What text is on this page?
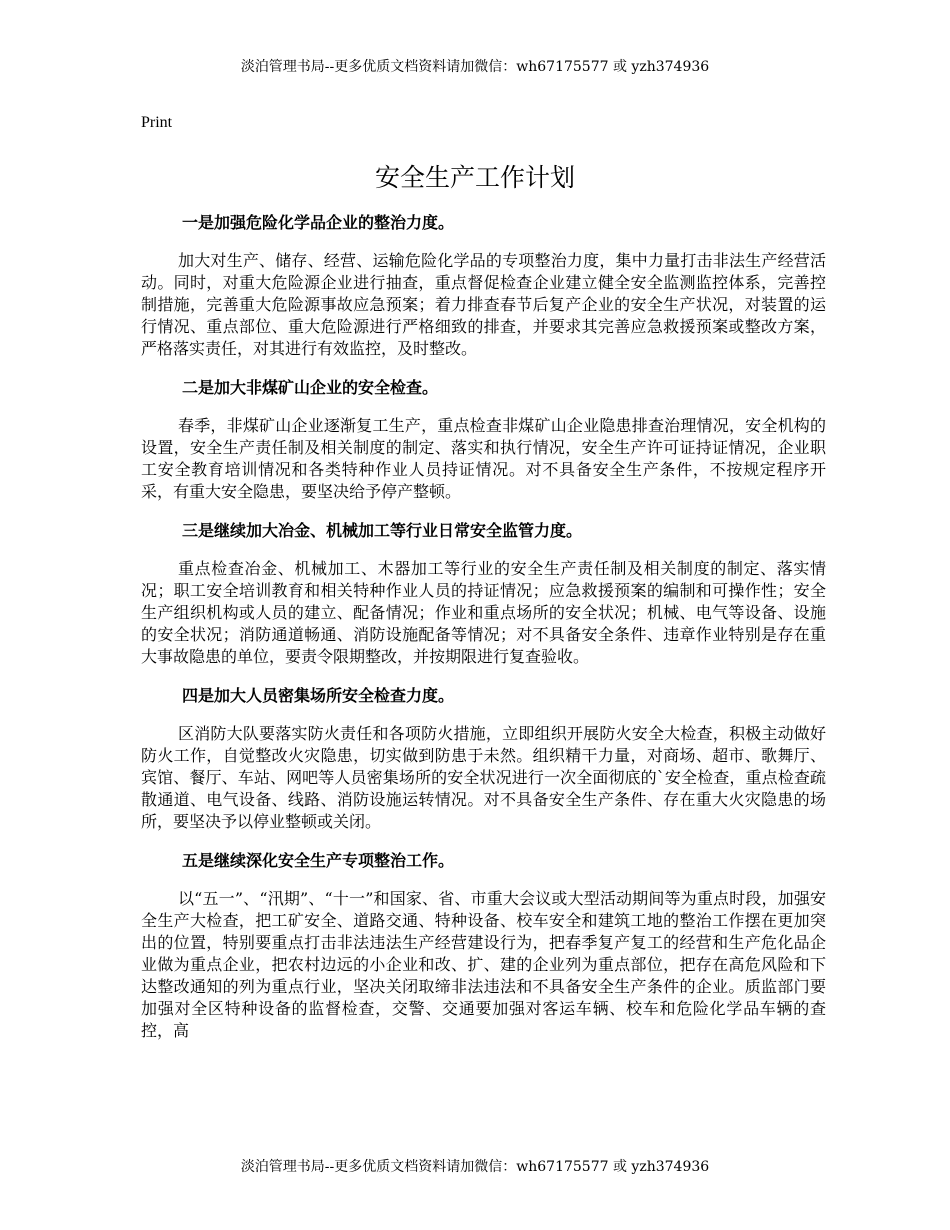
淡泊管理书局--更多优质文档资料请加微信：wh67175577 或 yzh374936
Print
安全生产工作计划
一是加强危险化学品企业的整治力度。

加大对生产、储存、经营、运输危险化学品的专项整治力度，集中力量打击非法生产经营活动。同时，对重大危险源企业进行抽查，重点督促检查企业建立健全安全监测监控体系，完善控制措施，完善重大危险源事故应急预案；着力排查春节后复产企业的安全生产状况，对装置的运行情况、重点部位、重大危险源进行严格细致的排查，并要求其完善应急救援预案或整改方案，严格落实责任，对其进行有效监控，及时整改。

二是加大非煤矿山企业的安全检查。

春季，非煤矿山企业逐渐复工生产，重点检查非煤矿山企业隐患排查治理情况，安全机构的设置，安全生产责任制及相关制度的制定、落实和执行情况，安全生产许可证持证情况，企业职工安全教育培训情况和各类特种作业人员持证情况。对不具备安全生产条件，不按规定程序开采，有重大安全隐患，要坚决给予停产整顿。

三是继续加大冶金、机械加工等行业日常安全监管力度。

重点检查冶金、机械加工、木器加工等行业的安全生产责任制及相关制度的制定、落实情况；职工安全培训教育和相关特种作业人员的持证情况；应急救援预案的编制和可操作性；安全生产组织机构或人员的建立、配备情况；作业和重点场所的安全状况；机械、电气等设备、设施的安全状况；消防通道畅通、消防设施配备等情况；对不具备安全条件、违章作业特别是存在重大事故隐患的单位，要责令限期整改，并按期限进行复查验收。

四是加大人员密集场所安全检查力度。

区消防大队要落实防火责任和各项防火措施，立即组织开展防火安全大检查，积极主动做好防火工作，自觉整改火灾隐患，切实做到防患于未然。组织精干力量，对商场、超市、歌舞厅、宾馆、餐厅、车站、网吧等人员密集场所的安全状况进行一次全面彻底的`安全检查，重点检查疏散通道、电气设备、线路、消防设施运转情况。对不具备安全生产条件、存在重大火灾隐患的场所，要坚决予以停业整顿或关闭。

五是继续深化安全生产专项整治工作。

以“五一”、“汛期”、“十一”和国家、省、市重大会议或大型活动期间等为重点时段，加强安全生产大检查，把工矿安全、道路交通、特种设备、校车安全和建筑工地的整治工作摆在更加突出的位置，特别要重点打击非法违法生产经营建设行为，把春季复产复工的经营和生产危化品企业做为重点企业，把农村边远的小企业和改、扩、建的企业列为重点部位，把存在高危风险和下达整改通知的列为重点行业，坚决关闭取缔非法违法和不具备安全生产条件的企业。质监部门要加强对全区特种设备的监督检查，交警、交通要加强对客运车辆、校车和危险化学品车辆的查控，高

淡泊管理书局--更多优质文档资料请加微信：wh67175577 或 yzh374936
